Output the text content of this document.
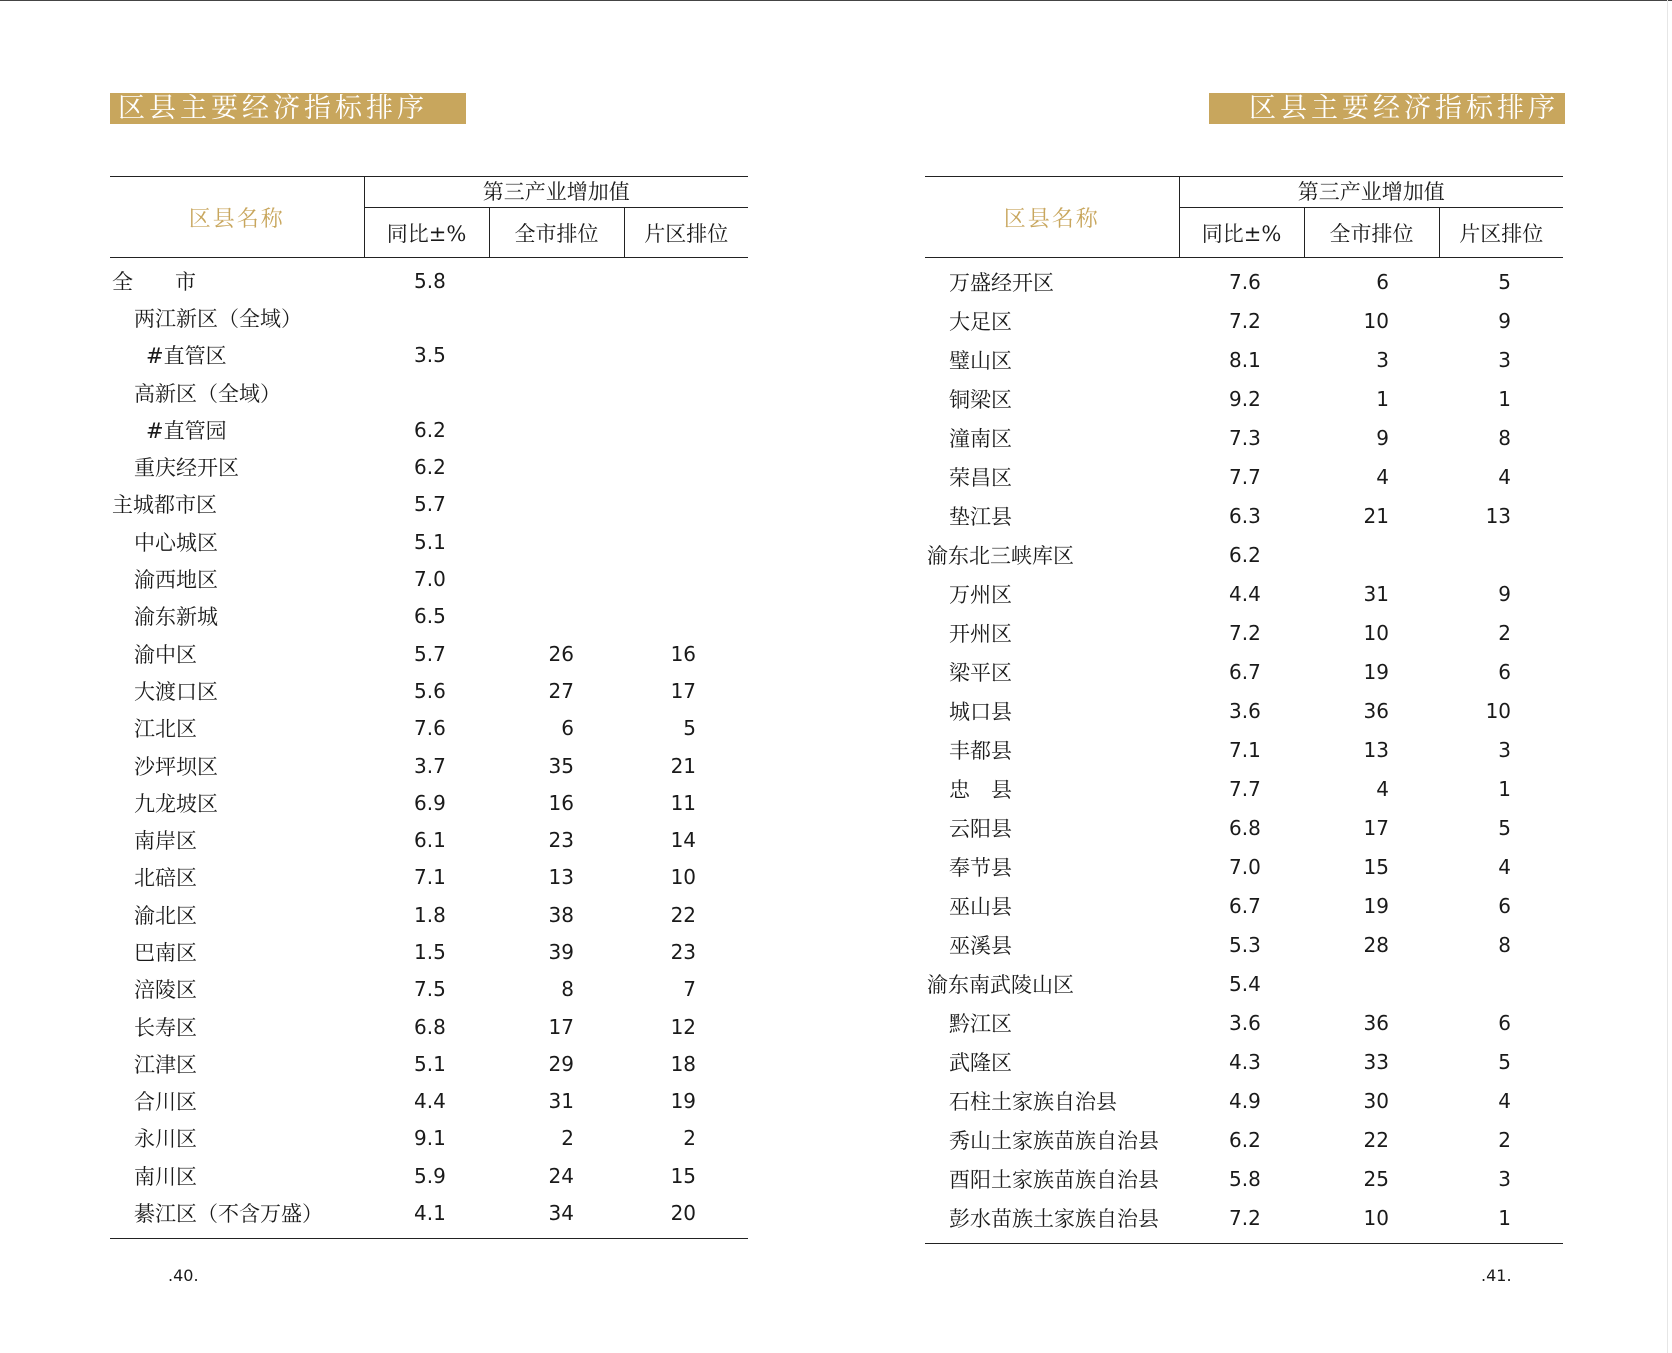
区县主要经济指标排序
区县名称	第三产业增加值		
	同比±%	全市排位	片区排位
全　　市	5.8		
两江新区（全域）			
#直管区	3.5		
高新区（全域）			
#直管园	6.2		
重庆经开区	6.2		
主城都市区	5.7		
中心城区	5.1		
渝西地区	7.0		
渝东新城	6.5		
渝中区	5.7	26	16
大渡口区	5.6	27	17
江北区	7.6	6	5
沙坪坝区	3.7	35	21
九龙坡区	6.9	16	11
南岸区	6.1	23	14
北碚区	7.1	13	10
渝北区	1.8	38	22
巴南区	1.5	39	23
涪陵区	7.5	8	7
长寿区	6.8	17	12
江津区	5.1	29	18
合川区	4.4	31	19
永川区	9.1	2	2
南川区	5.9	24	15
綦江区（不含万盛）	4.1	34	20
.40.
区县主要经济指标排序
区县名称	第三产业增加值		
	同比±%	全市排位	片区排位
万盛经开区	7.6	6	5
大足区	7.2	10	9
璧山区	8.1	3	3
铜梁区	9.2	1	1
潼南区	7.3	9	8
荣昌区	7.7	4	4
垫江县	6.3	21	13
渝东北三峡库区	6.2		
万州区	4.4	31	9
开州区	7.2	10	2
梁平区	6.7	19	6
城口县	3.6	36	10
丰都县	7.1	13	3
忠　县	7.7	4	1
云阳县	6.8	17	5
奉节县	7.0	15	4
巫山县	6.7	19	6
巫溪县	5.3	28	8
渝东南武陵山区	5.4		
黔江区	3.6	36	6
武隆区	4.3	33	5
石柱土家族自治县	4.9	30	4
秀山土家族苗族自治县	6.2	22	2
酉阳土家族苗族自治县	5.8	25	3
彭水苗族土家族自治县	7.2	10	1
.41.
